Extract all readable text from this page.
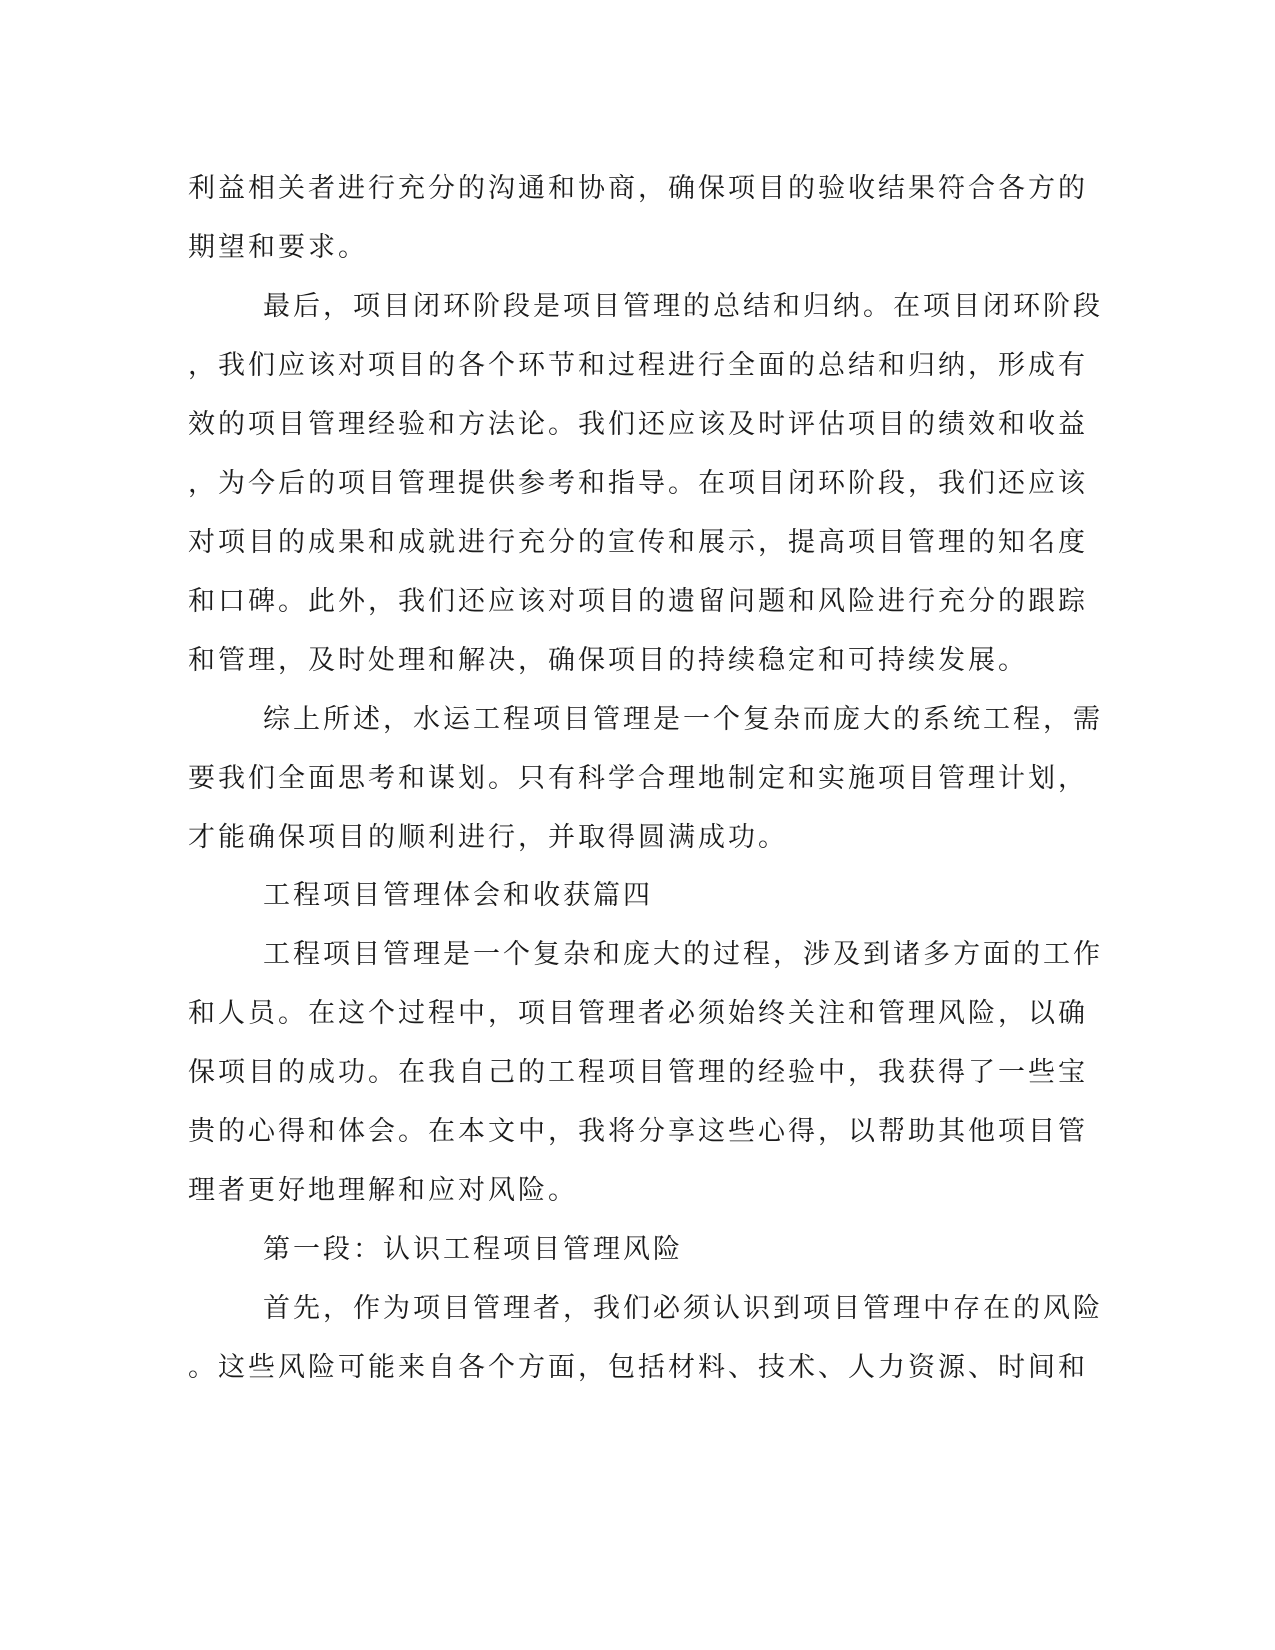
利益相关者进行充分的沟通和协商，确保项目的验收结果符合各方的
期望和要求。
最后，项目闭环阶段是项目管理的总结和归纳。在项目闭环阶段
，我们应该对项目的各个环节和过程进行全面的总结和归纳，形成有
效的项目管理经验和方法论。我们还应该及时评估项目的绩效和收益
，为今后的项目管理提供参考和指导。在项目闭环阶段，我们还应该
对项目的成果和成就进行充分的宣传和展示，提高项目管理的知名度
和口碑。此外，我们还应该对项目的遗留问题和风险进行充分的跟踪
和管理，及时处理和解决，确保项目的持续稳定和可持续发展。
综上所述，水运工程项目管理是一个复杂而庞大的系统工程，需
要我们全面思考和谋划。只有科学合理地制定和实施项目管理计划，
才能确保项目的顺利进行，并取得圆满成功。
工程项目管理体会和收获篇四
工程项目管理是一个复杂和庞大的过程，涉及到诸多方面的工作
和人员。在这个过程中，项目管理者必须始终关注和管理风险，以确
保项目的成功。在我自己的工程项目管理的经验中，我获得了一些宝
贵的心得和体会。在本文中，我将分享这些心得，以帮助其他项目管
理者更好地理解和应对风险。
第一段：认识工程项目管理风险
首先，作为项目管理者，我们必须认识到项目管理中存在的风险
。这些风险可能来自各个方面，包括材料、技术、人力资源、时间和
